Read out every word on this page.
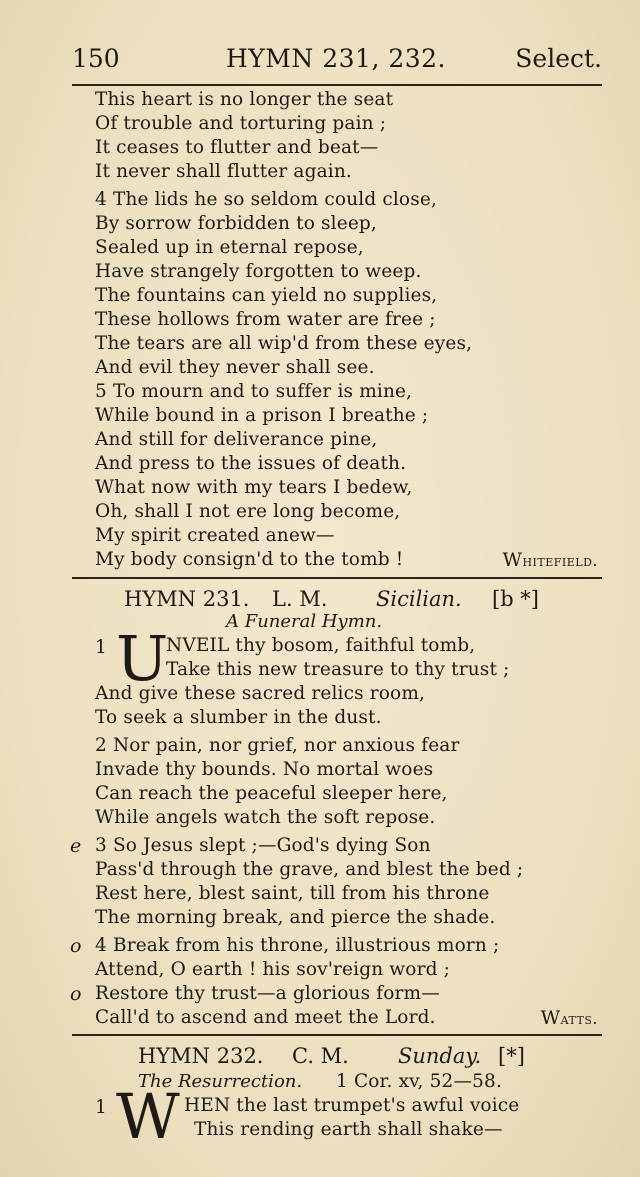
150	HYMN 231, 232.	Select.
This heart is no longer the seat
Of trouble and torturing pain ;
It ceases to flutter and beat—
It never shall flutter again.
4 The lids he so seldom could close,
By sorrow forbidden to sleep,
Sealed up in eternal repose,
Have strangely forgotten to weep.
The fountains can yield no supplies,
These hollows from water are free ;
The tears are all wip'd from these eyes,
And evil they never shall see.
5 To mourn and to suffer is mine,
While bound in a prison I breathe ;
And still for deliverance pine,
And press to the issues of death.
What now with my tears I bedew,
Oh, shall I not ere long become,
My spirit created anew—
My body consign'd to the tomb !	Whitefield.
HYMN 231. L. M. Sicilian. [b *]
A Funeral Hymn.
1 U
NVEIL thy bosom, faithful tomb,
Take this new treasure to thy trust ;
And give these sacred relics room,
To seek a slumber in the dust.
2 Nor pain, nor grief, nor anxious fear
Invade thy bounds. No mortal woes
Can reach the peaceful sleeper here,
While angels watch the soft repose.
e 3 So Jesus slept ;—God's dying Son
Pass'd through the grave, and blest the bed ;
Rest here, blest saint, till from his throne
The morning break, and pierce the shade.
o 4 Break from his throne, illustrious morn ;
Attend, O earth ! his sov'reign word ;
o Restore thy trust—a glorious form—
Call'd to ascend and meet the Lord.	Watts.
HYMN 232. C. M. Sunday. [*]
The Resurrection. 1 Cor. xv, 52—58.
1 W HEN the last trumpet's awful voice
This rending earth shall shake—
